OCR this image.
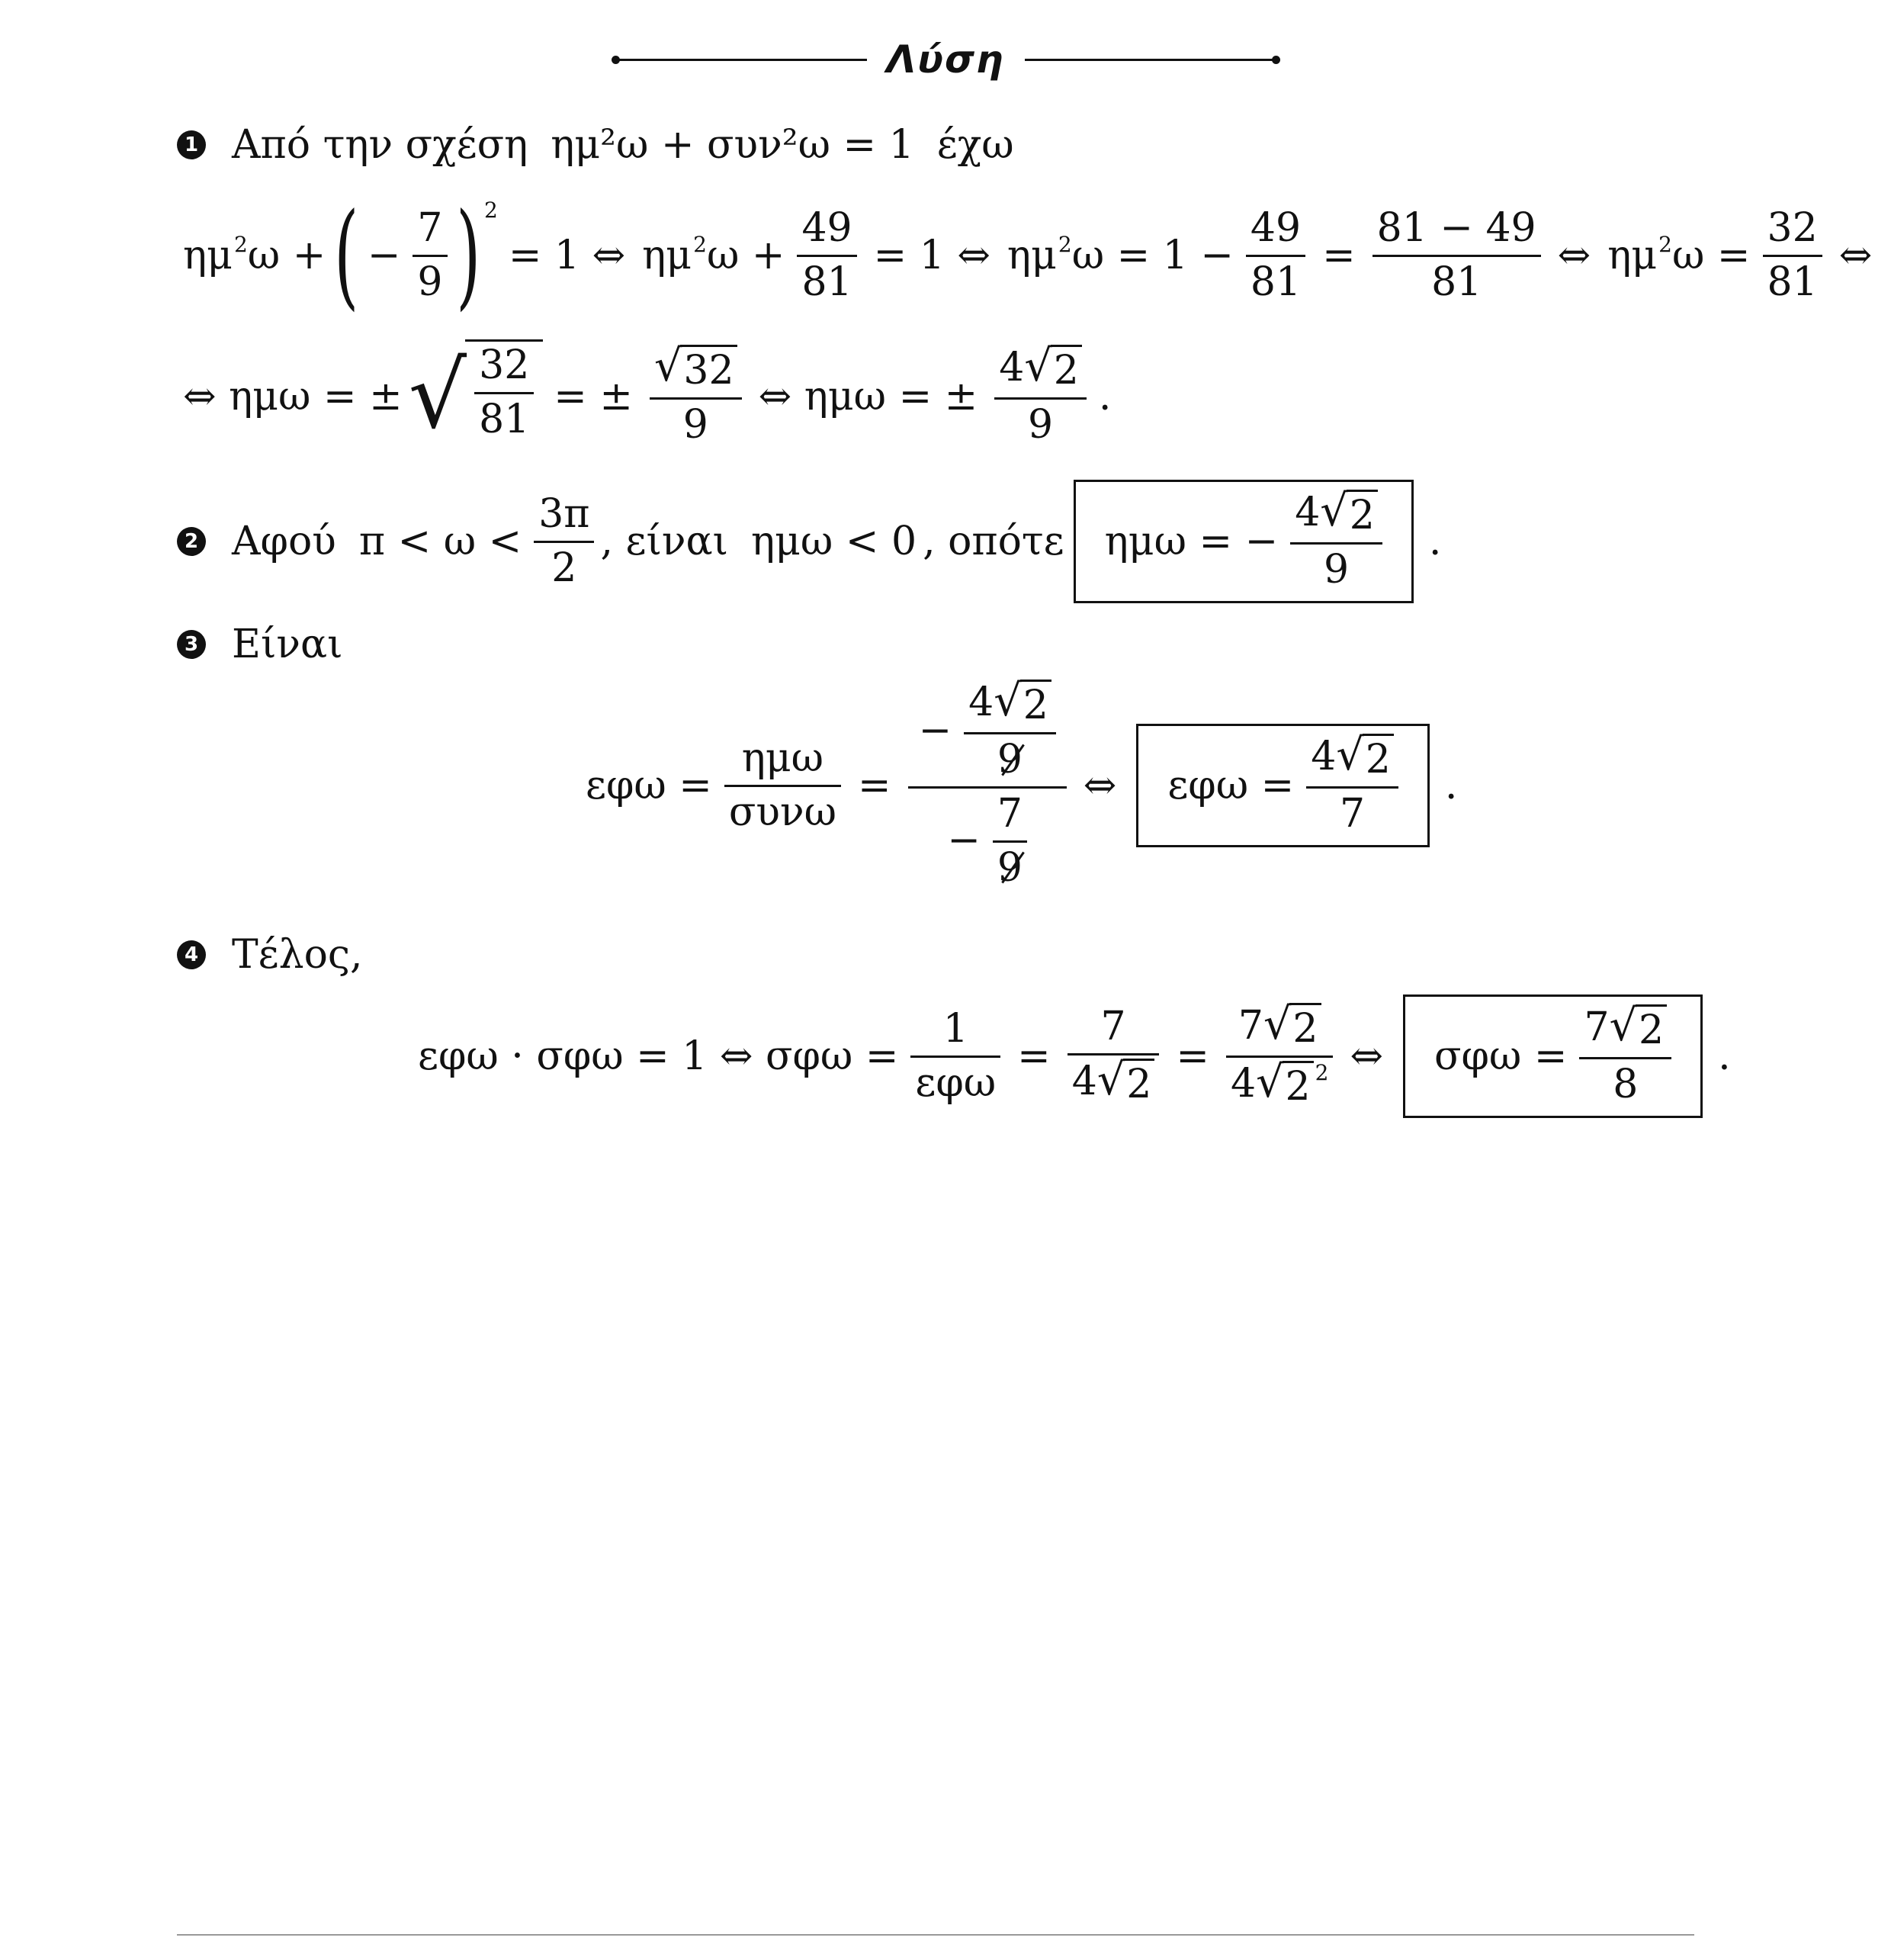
Λύση
1 Από την σχέση ημ²ω + συν²ω = 1 έχω
$\eta\mu^2\omega$ + ( − $\frac{7}{9} )^2$
= 1 ⇔ $\eta\mu^2\omega + \frac{49}{81} = 1$ ⇔ $\eta\mu^2\omega = 1 - \frac{49}{81} = \frac{81 - 49}{81}$ ⇔ $\eta\mu^2\omega = \frac{32}{81}$ ⇔
⇔ ημω = ± √ $\frac{32}{81}$ = ± $\frac{√ 32}{9}$ ⇔ ημω = ± $\frac{4 √ 2}{9}$ .
2 Αφού $\pi < \omega < \frac{3\pi}{2}$ , είναι ημω < 0 , οπότε ημω = − $\frac{4 √ 2}{9}$ .
3 Είναι
$\varepsilon\varphi\omega = \frac{\text{ημω}}{\text{συνω}} = \frac{- \frac{4 √ 2}{9}}{- \frac{7}{9}}$ ⇔ $\varepsilon\varphi\omega = \frac{4 √ 2}{7}$ .
4 Τέλος,
εφω · σφω = 1 ⇔ $\sigma\varphi\omega = \frac{1}{\text{εφω}} = \frac{7}{4 √ 2} = \frac{7 √ 2}{4 √ 2 ^2}$ ⇔ $\sigma\varphi\omega = \frac{7 √ 2}{8}$ .
